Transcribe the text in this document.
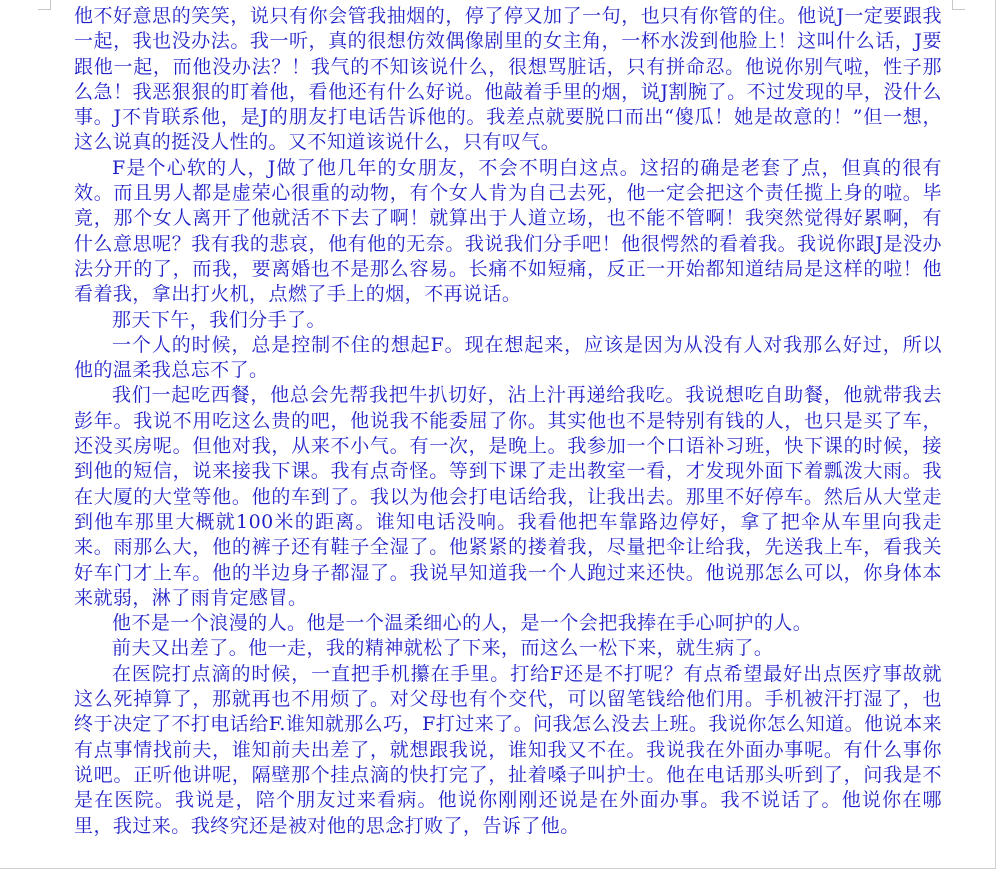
他不好意思的笑笑，说只有你会管我抽烟的，停了停又加了一句，也只有你管的住。他说J一定要跟我一起，我也没办法。我一听，真的很想仿效偶像剧里的女主角，一杯水泼到他脸上！这叫什么话，J要跟他一起，而他没办法？！我气的不知该说什么，很想骂脏话，只有拼命忍。他说你别气啦，性子那么急！我恶狠狠的盯着他，看他还有什么好说。他敲着手里的烟，说J割腕了。不过发现的早，没什么事。J不肯联系他，是J的朋友打电话告诉他的。我差点就要脱口而出“傻瓜！她是故意的！”但一想，这么说真的挺没人性的。又不知道该说什么，只有叹气。

F是个心软的人，J做了他几年的女朋友，不会不明白这点。这招的确是老套了点，但真的很有效。而且男人都是虚荣心很重的动物，有个女人肯为自己去死，他一定会把这个责任揽上身的啦。毕竟，那个女人离开了他就活不下去了啊！就算出于人道立场，也不能不管啊！我突然觉得好累啊，有什么意思呢？我有我的悲哀，他有他的无奈。我说我们分手吧！他很愕然的看着我。我说你跟J是没办法分开的了，而我，要离婚也不是那么容易。长痛不如短痛，反正一开始都知道结局是这样的啦！他看着我，拿出打火机，点燃了手上的烟，不再说话。

那天下午，我们分手了。

一个人的时候，总是控制不住的想起F。现在想起来，应该是因为从没有人对我那么好过，所以他的温柔我总忘不了。

我们一起吃西餐，他总会先帮我把牛扒切好，沾上汁再递给我吃。我说想吃自助餐，他就带我去彭年。我说不用吃这么贵的吧，他说我不能委屈了你。其实他也不是特别有钱的人，也只是买了车，还没买房呢。但他对我，从来不小气。有一次，是晚上。我参加一个口语补习班，快下课的时候，接到他的短信，说来接我下课。我有点奇怪。等到下课了走出教室一看，才发现外面下着瓢泼大雨。我在大厦的大堂等他。他的车到了。我以为他会打电话给我，让我出去。那里不好停车。然后从大堂走到他车那里大概就100米的距离。谁知电话没响。我看他把车靠路边停好，拿了把伞从车里向我走来。雨那么大，他的裤子还有鞋子全湿了。他紧紧的搂着我，尽量把伞让给我，先送我上车，看我关好车门才上车。他的半边身子都湿了。我说早知道我一个人跑过来还快。他说那怎么可以，你身体本来就弱，淋了雨肯定感冒。

他不是一个浪漫的人。他是一个温柔细心的人，是一个会把我捧在手心呵护的人。

前夫又出差了。他一走，我的精神就松了下来，而这么一松下来，就生病了。

在医院打点滴的时候，一直把手机攥在手里。打给F还是不打呢？有点希望最好出点医疗事故就这么死掉算了，那就再也不用烦了。对父母也有个交代，可以留笔钱给他们用。手机被汗打湿了，也终于决定了不打电话给F.谁知就那么巧，F打过来了。问我怎么没去上班。我说你怎么知道。他说本来有点事情找前夫，谁知前夫出差了，就想跟我说，谁知我又不在。我说我在外面办事呢。有什么事你说吧。正听他讲呢，隔壁那个挂点滴的快打完了，扯着嗓子叫护士。他在电话那头听到了，问我是不是在医院。我说是，陪个朋友过来看病。他说你刚刚还说是在外面办事。我不说话了。他说你在哪里，我过来。我终究还是被对他的思念打败了，告诉了他。
